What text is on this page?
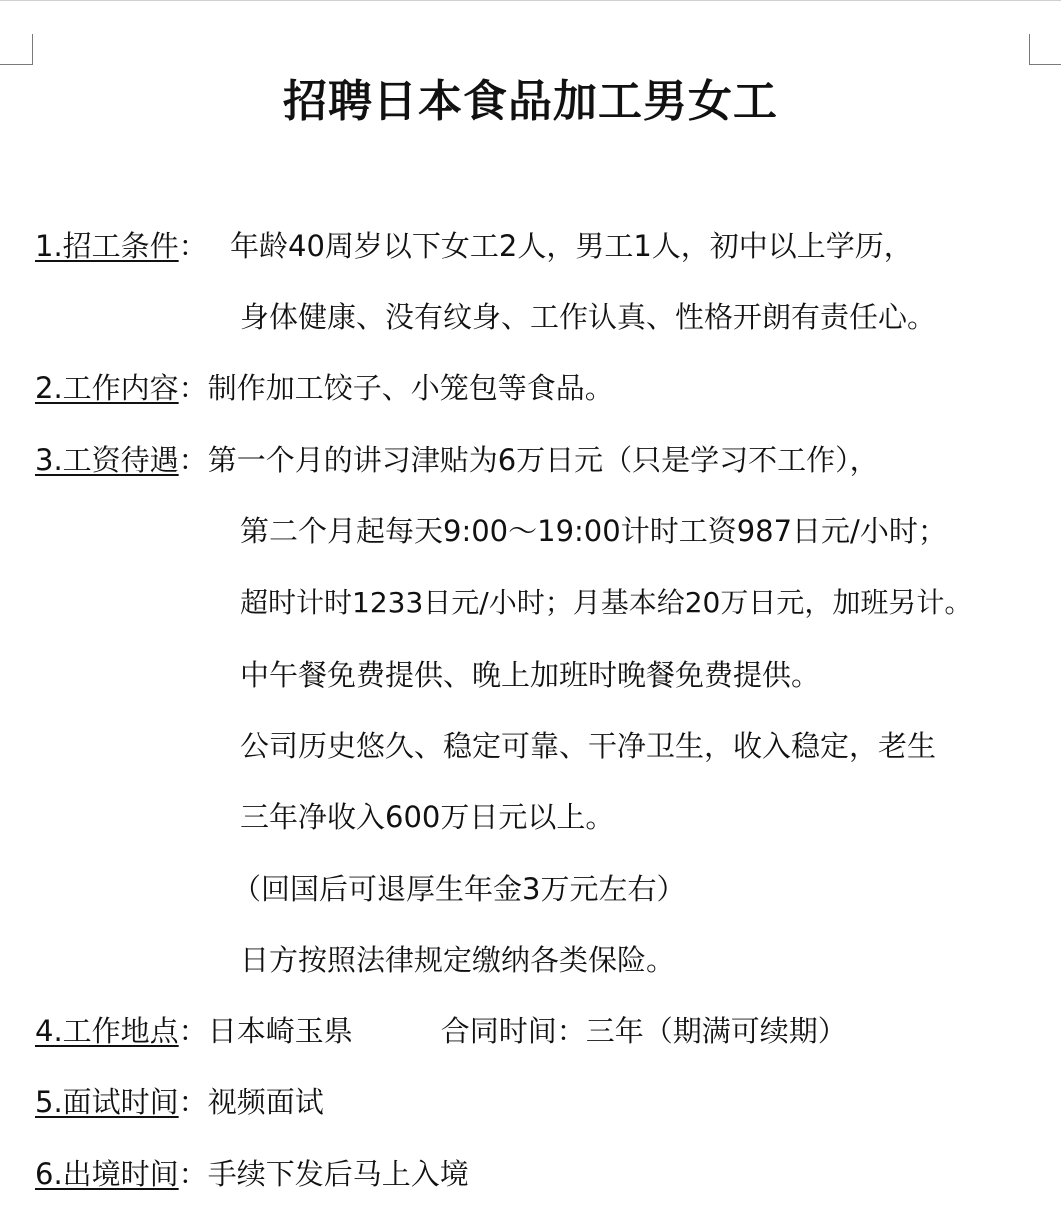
招聘日本食品加工男女工
1.招工条件： 年龄40周岁以下女工2人，男工1人，初中以上学历，
身体健康、没有纹身、工作认真、性格开朗有责任心。
2.工作内容：制作加工饺子、小笼包等食品。
3.工资待遇：第一个月的讲习津贴为6万日元（只是学习不工作），
第二个月起每天9:00～19:00计时工资987日元/小时；
超时计时1233日元/小时；月基本给20万日元，加班另计。
中午餐免费提供、晚上加班时晚餐免费提供。
公司历史悠久、稳定可靠、干净卫生，收入稳定，老生
三年净收入600万日元以上。
（回国后可退厚生年金3万元左右）
日方按照法律规定缴纳各类保险。
4.工作地点：日本崎玉県	合同时间：三年（期满可续期）
5.面试时间：视频面试
6.出境时间：手续下发后马上入境
